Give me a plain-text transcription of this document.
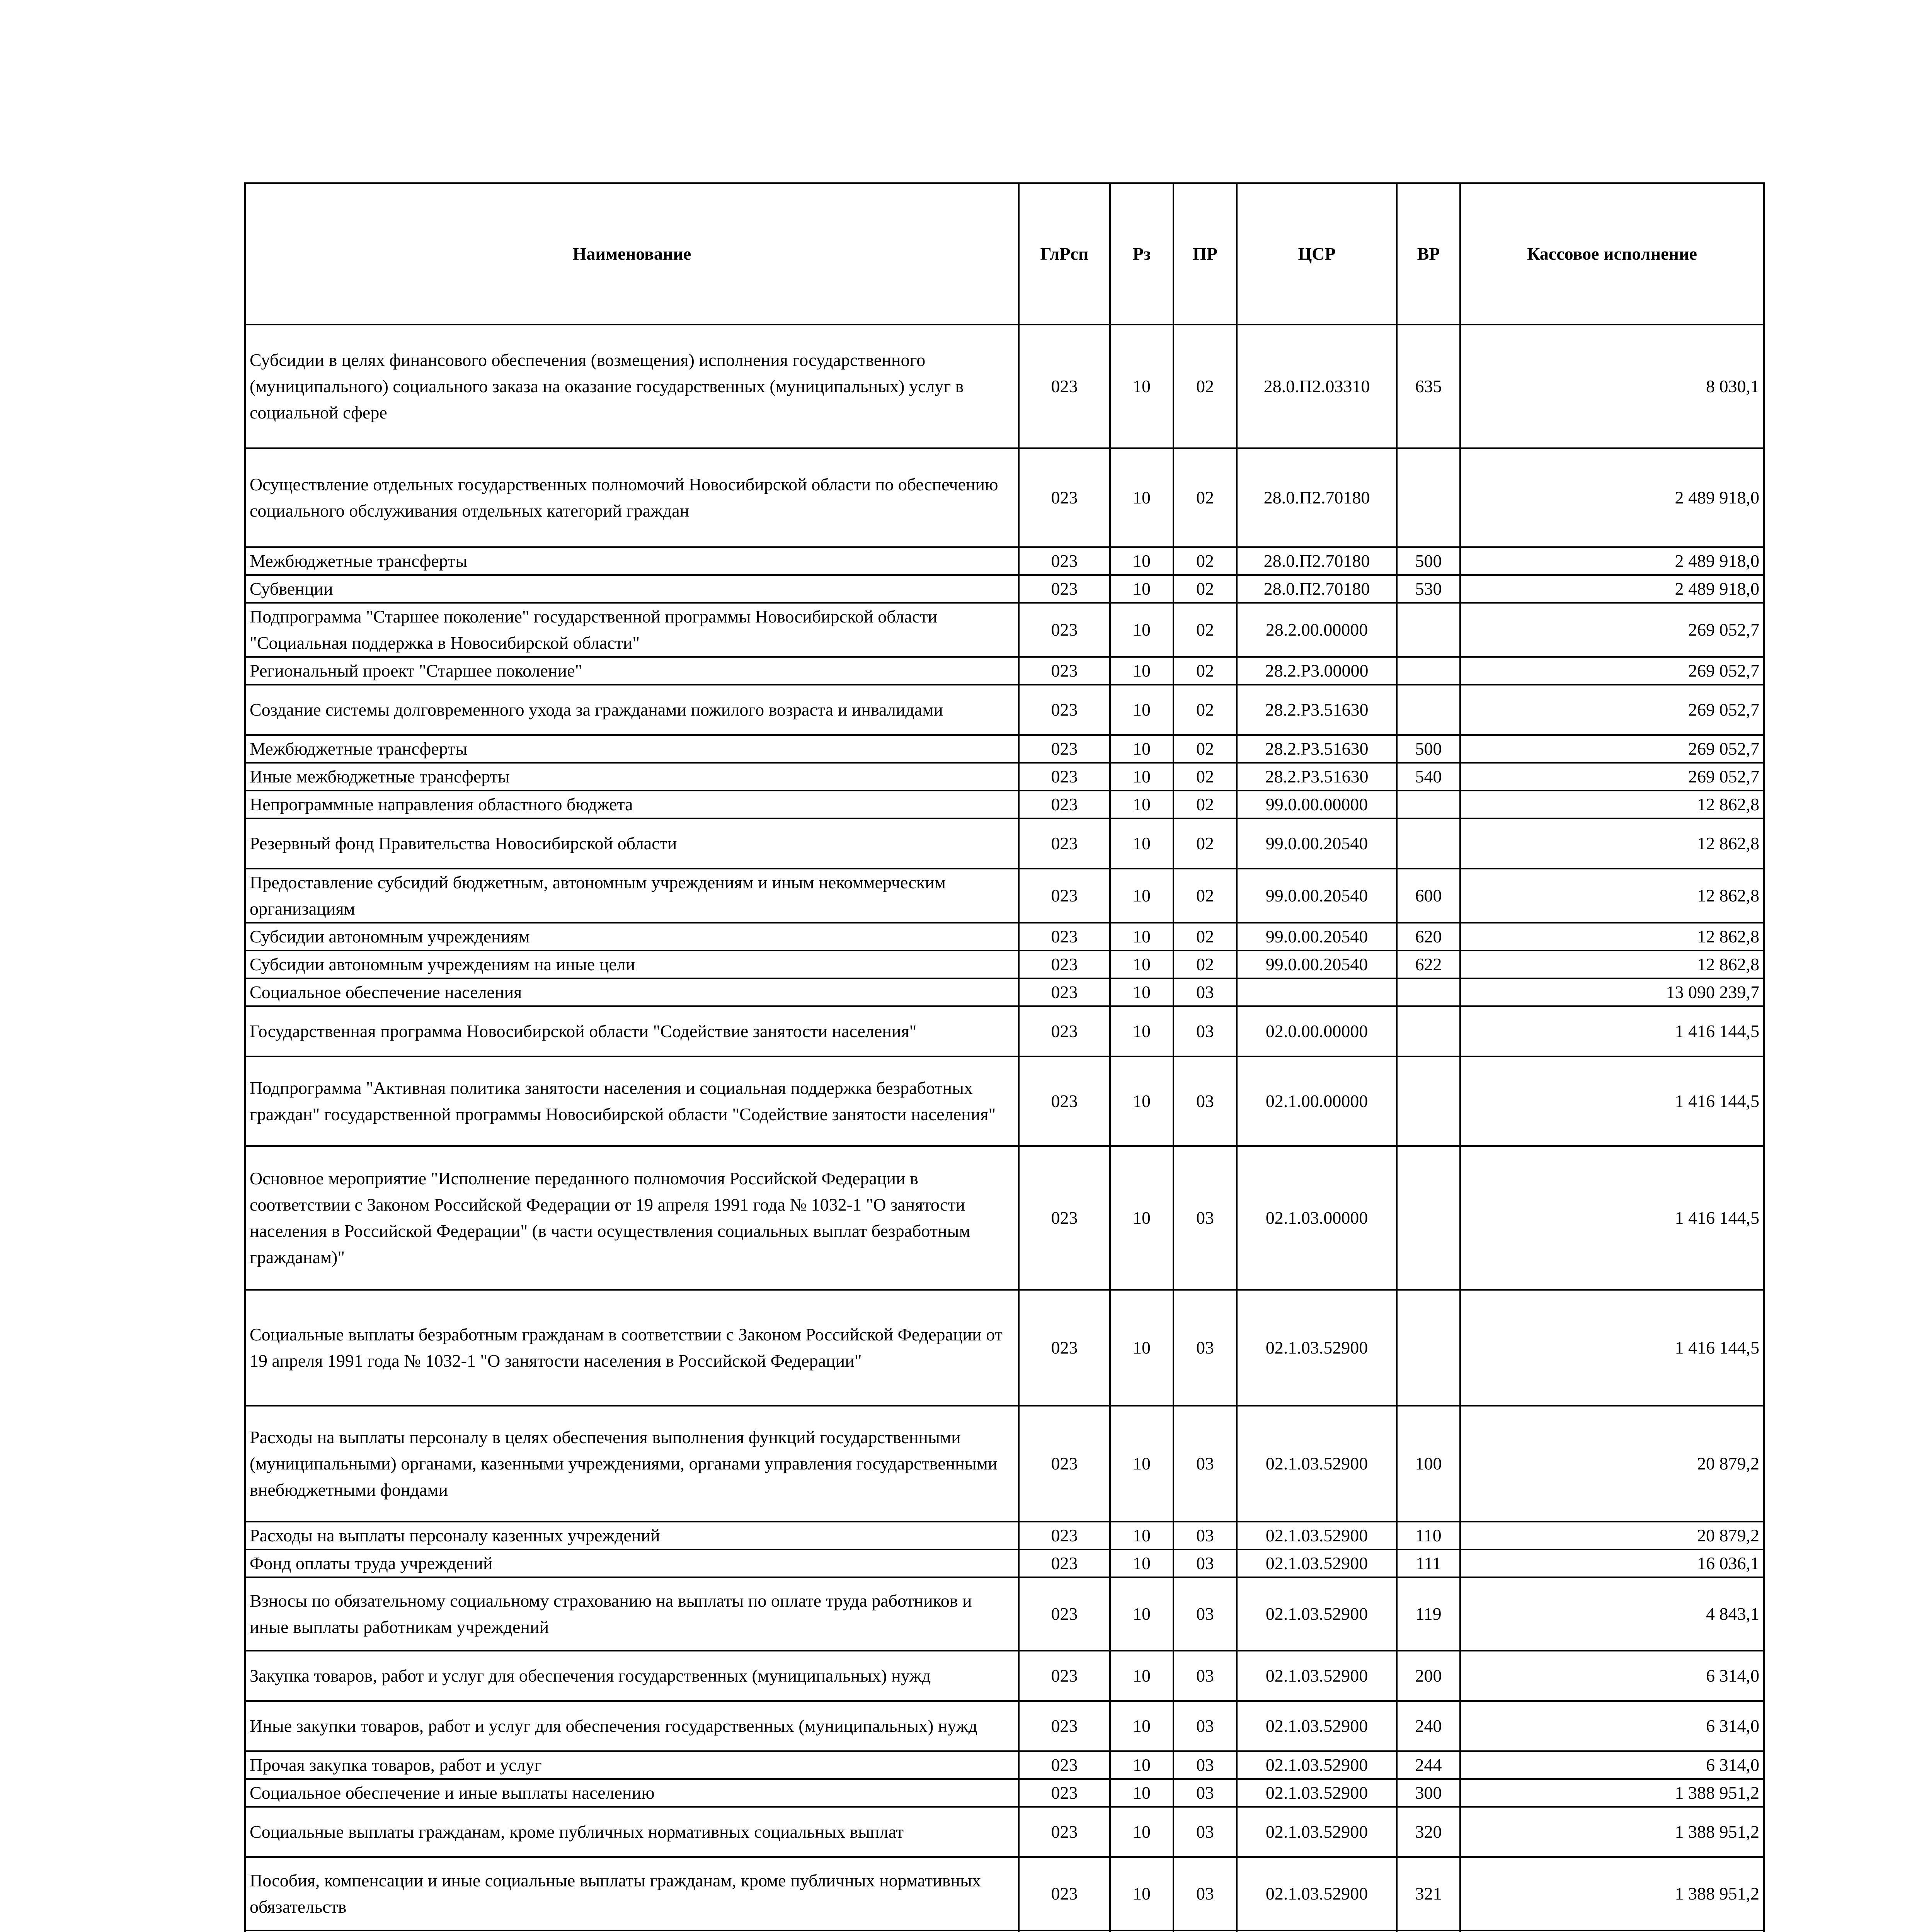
Наименование	ГлРсп	Рз	ПР	ЦСР	ВР	Кассовое исполнение
Субсидии в целях финансового обеспечения (возмещения) исполнения государственного (муниципального) социального заказа на оказание государственных (муниципальных) услуг в социальной сфере	023	10	02	28.0.П2.03310	635	8 030,1
Осуществление отдельных государственных полномочий Новосибирской области по обеспечению социального обслуживания отдельных категорий граждан	023	10	02	28.0.П2.70180		2 489 918,0
Межбюджетные трансферты	023	10	02	28.0.П2.70180	500	2 489 918,0
Субвенции	023	10	02	28.0.П2.70180	530	2 489 918,0
Подпрограмма "Старшее поколение" государственной программы Новосибирской области "Социальная поддержка в Новосибирской области"	023	10	02	28.2.00.00000		269 052,7
Региональный проект "Старшее поколение"	023	10	02	28.2.Р3.00000		269 052,7
Создание системы долговременного ухода за гражданами пожилого возраста и инвалидами	023	10	02	28.2.Р3.51630		269 052,7
Межбюджетные трансферты	023	10	02	28.2.Р3.51630	500	269 052,7
Иные межбюджетные трансферты	023	10	02	28.2.Р3.51630	540	269 052,7
Непрограммные направления областного бюджета	023	10	02	99.0.00.00000		12 862,8
Резервный фонд Правительства Новосибирской области	023	10	02	99.0.00.20540		12 862,8
Предоставление субсидий бюджетным, автономным учреждениям и иным некоммерческим организациям	023	10	02	99.0.00.20540	600	12 862,8
Субсидии автономным учреждениям	023	10	02	99.0.00.20540	620	12 862,8
Субсидии автономным учреждениям на иные цели	023	10	02	99.0.00.20540	622	12 862,8
Социальное обеспечение населения	023	10	03			13 090 239,7
Государственная программа Новосибирской области "Содействие занятости населения"	023	10	03	02.0.00.00000		1 416 144,5
Подпрограмма "Активная политика занятости населения и социальная поддержка безработных граждан" государственной программы Новосибирской области "Содействие занятости населения"	023	10	03	02.1.00.00000		1 416 144,5
Основное мероприятие "Исполнение переданного полномочия Российской Федерации в соответствии с Законом Российской Федерации от 19 апреля 1991 года № 1032-1 "О занятости населения в Российской Федерации" (в части осуществления социальных выплат безработным гражданам)"	023	10	03	02.1.03.00000		1 416 144,5
Социальные выплаты безработным гражданам в соответствии с Законом Российской Федерации от 19 апреля 1991 года № 1032-1 "О занятости населения в Российской Федерации"	023	10	03	02.1.03.52900		1 416 144,5
Расходы на выплаты персоналу в целях обеспечения выполнения функций государственными (муниципальными) органами, казенными учреждениями, органами управления государственными внебюджетными фондами	023	10	03	02.1.03.52900	100	20 879,2
Расходы на выплаты персоналу казенных учреждений	023	10	03	02.1.03.52900	110	20 879,2
Фонд оплаты труда учреждений	023	10	03	02.1.03.52900	111	16 036,1
Взносы по обязательному социальному страхованию на выплаты по оплате труда работников и иные выплаты работникам учреждений	023	10	03	02.1.03.52900	119	4 843,1
Закупка товаров, работ и услуг для обеспечения государственных (муниципальных) нужд	023	10	03	02.1.03.52900	200	6 314,0
Иные закупки товаров, работ и услуг для обеспечения государственных (муниципальных) нужд	023	10	03	02.1.03.52900	240	6 314,0
Прочая закупка товаров, работ и услуг	023	10	03	02.1.03.52900	244	6 314,0
Социальное обеспечение и иные выплаты населению	023	10	03	02.1.03.52900	300	1 388 951,2
Социальные выплаты гражданам, кроме публичных нормативных социальных выплат	023	10	03	02.1.03.52900	320	1 388 951,2
Пособия, компенсации и иные социальные выплаты гражданам, кроме публичных нормативных обязательств	023	10	03	02.1.03.52900	321	1 388 951,2
